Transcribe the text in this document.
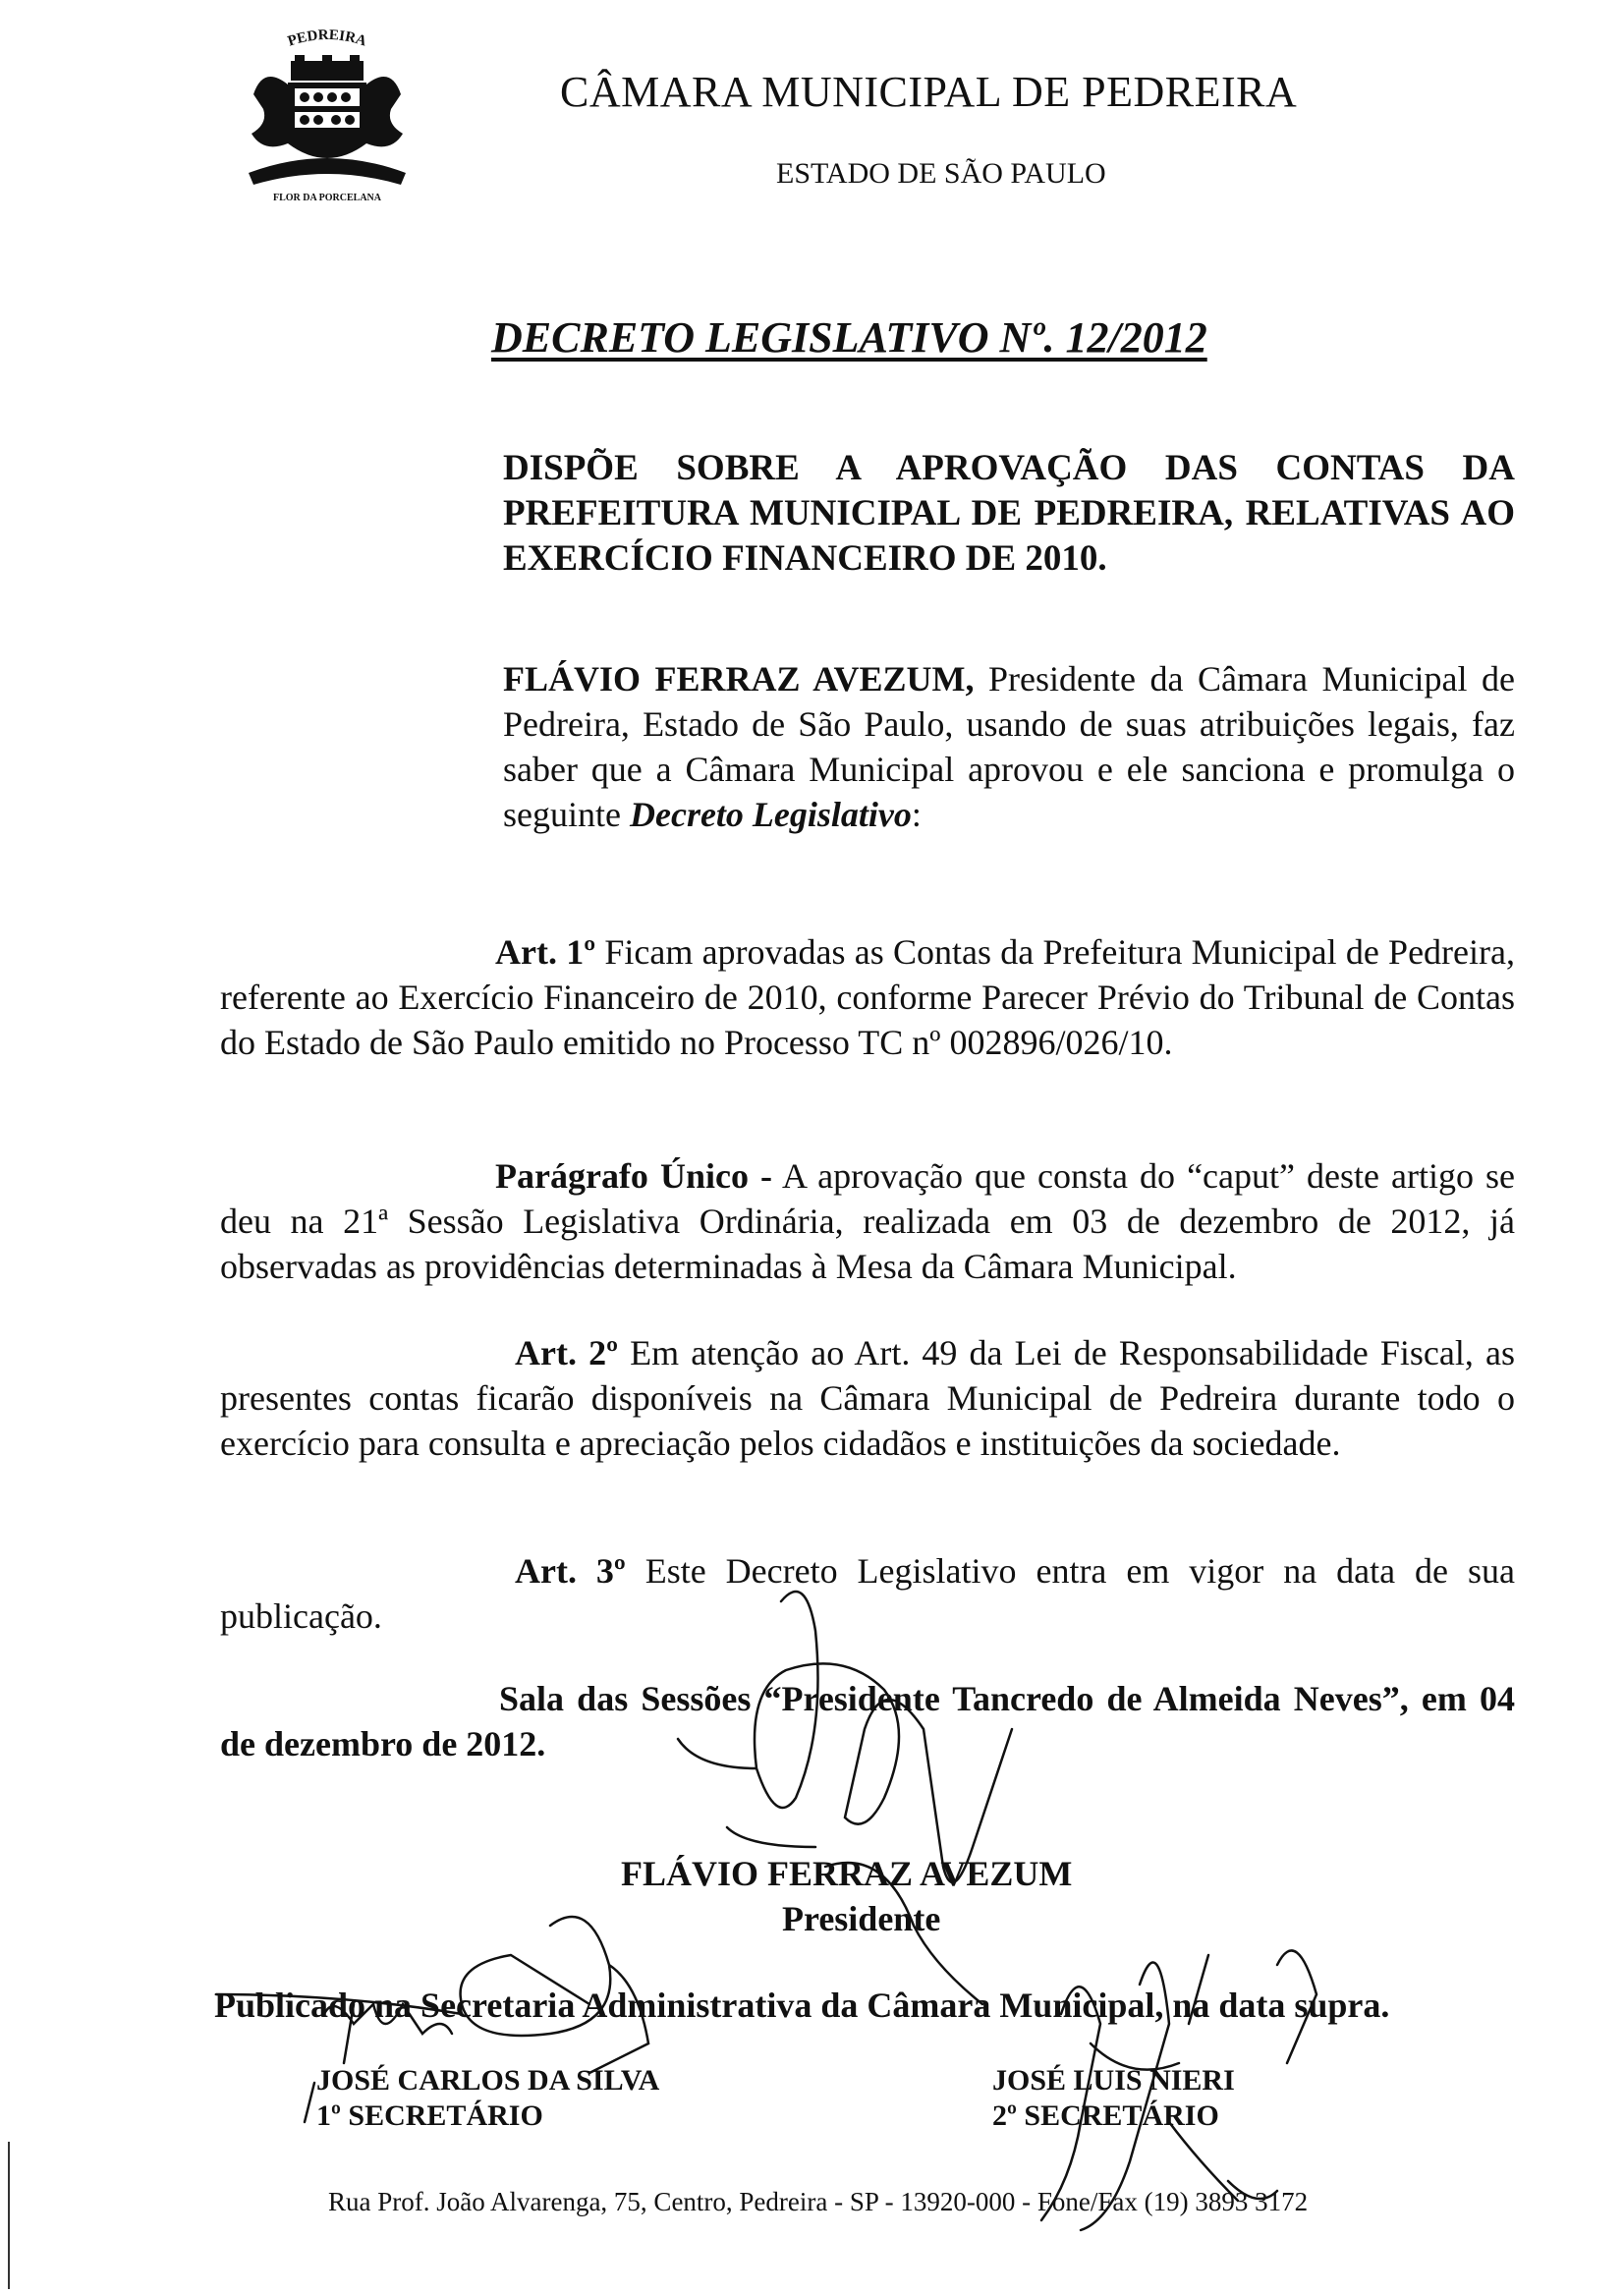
PEDREIRA
FLOR DA PORCELANA
CÂMARA MUNICIPAL DE PEDREIRA
ESTADO DE SÃO PAULO
DECRETO LEGISLATIVO Nº. 12/2012
DISPÕE SOBRE A APROVAÇÃO DAS CONTAS DA PREFEITURA MUNICIPAL DE PEDREIRA, RELATIVAS AO EXERCÍCIO FINANCEIRO DE 2010.
FLÁVIO FERRAZ AVEZUM, Presidente da Câmara Municipal de Pedreira, Estado de São Paulo, usando de suas atribuições legais, faz saber que a Câmara Municipal aprovou e ele sanciona e promulga o seguinte Decreto Legislativo:
Art. 1º Ficam aprovadas as Contas da Prefeitura Municipal de Pedreira, referente ao Exercício Financeiro de 2010, conforme Parecer Prévio do Tribunal de Contas do Estado de São Paulo emitido no Processo TC nº 002896/026/10.
Parágrafo Único - A aprovação que consta do “caput” deste artigo se deu na 21ª Sessão Legislativa Ordinária, realizada em 03 de dezembro de 2012, já observadas as providências determinadas à Mesa da Câmara Municipal.
Art. 2º Em atenção ao Art. 49 da Lei de Responsabilidade Fiscal, as presentes contas ficarão disponíveis na Câmara Municipal de Pedreira durante todo o exercício para consulta e apreciação pelos cidadãos e instituições da sociedade.
Art. 3º Este Decreto Legislativo entra em vigor na data de sua publicação.
Sala das Sessões “Presidente Tancredo de Almeida Neves”, em 04 de dezembro de 2012.
FLÁVIO FERRAZ AVEZUM
Presidente
Publicado na Secretaria Administrativa da Câmara Municipal, na data supra.
JOSÉ CARLOS DA SILVA
1º SECRETÁRIO
JOSÉ LUIS NIERI
2º SECRETÁRIO
Rua Prof. João Alvarenga, 75, Centro, Pedreira - SP - 13920-000 - Fone/Fax (19) 3893 3172
